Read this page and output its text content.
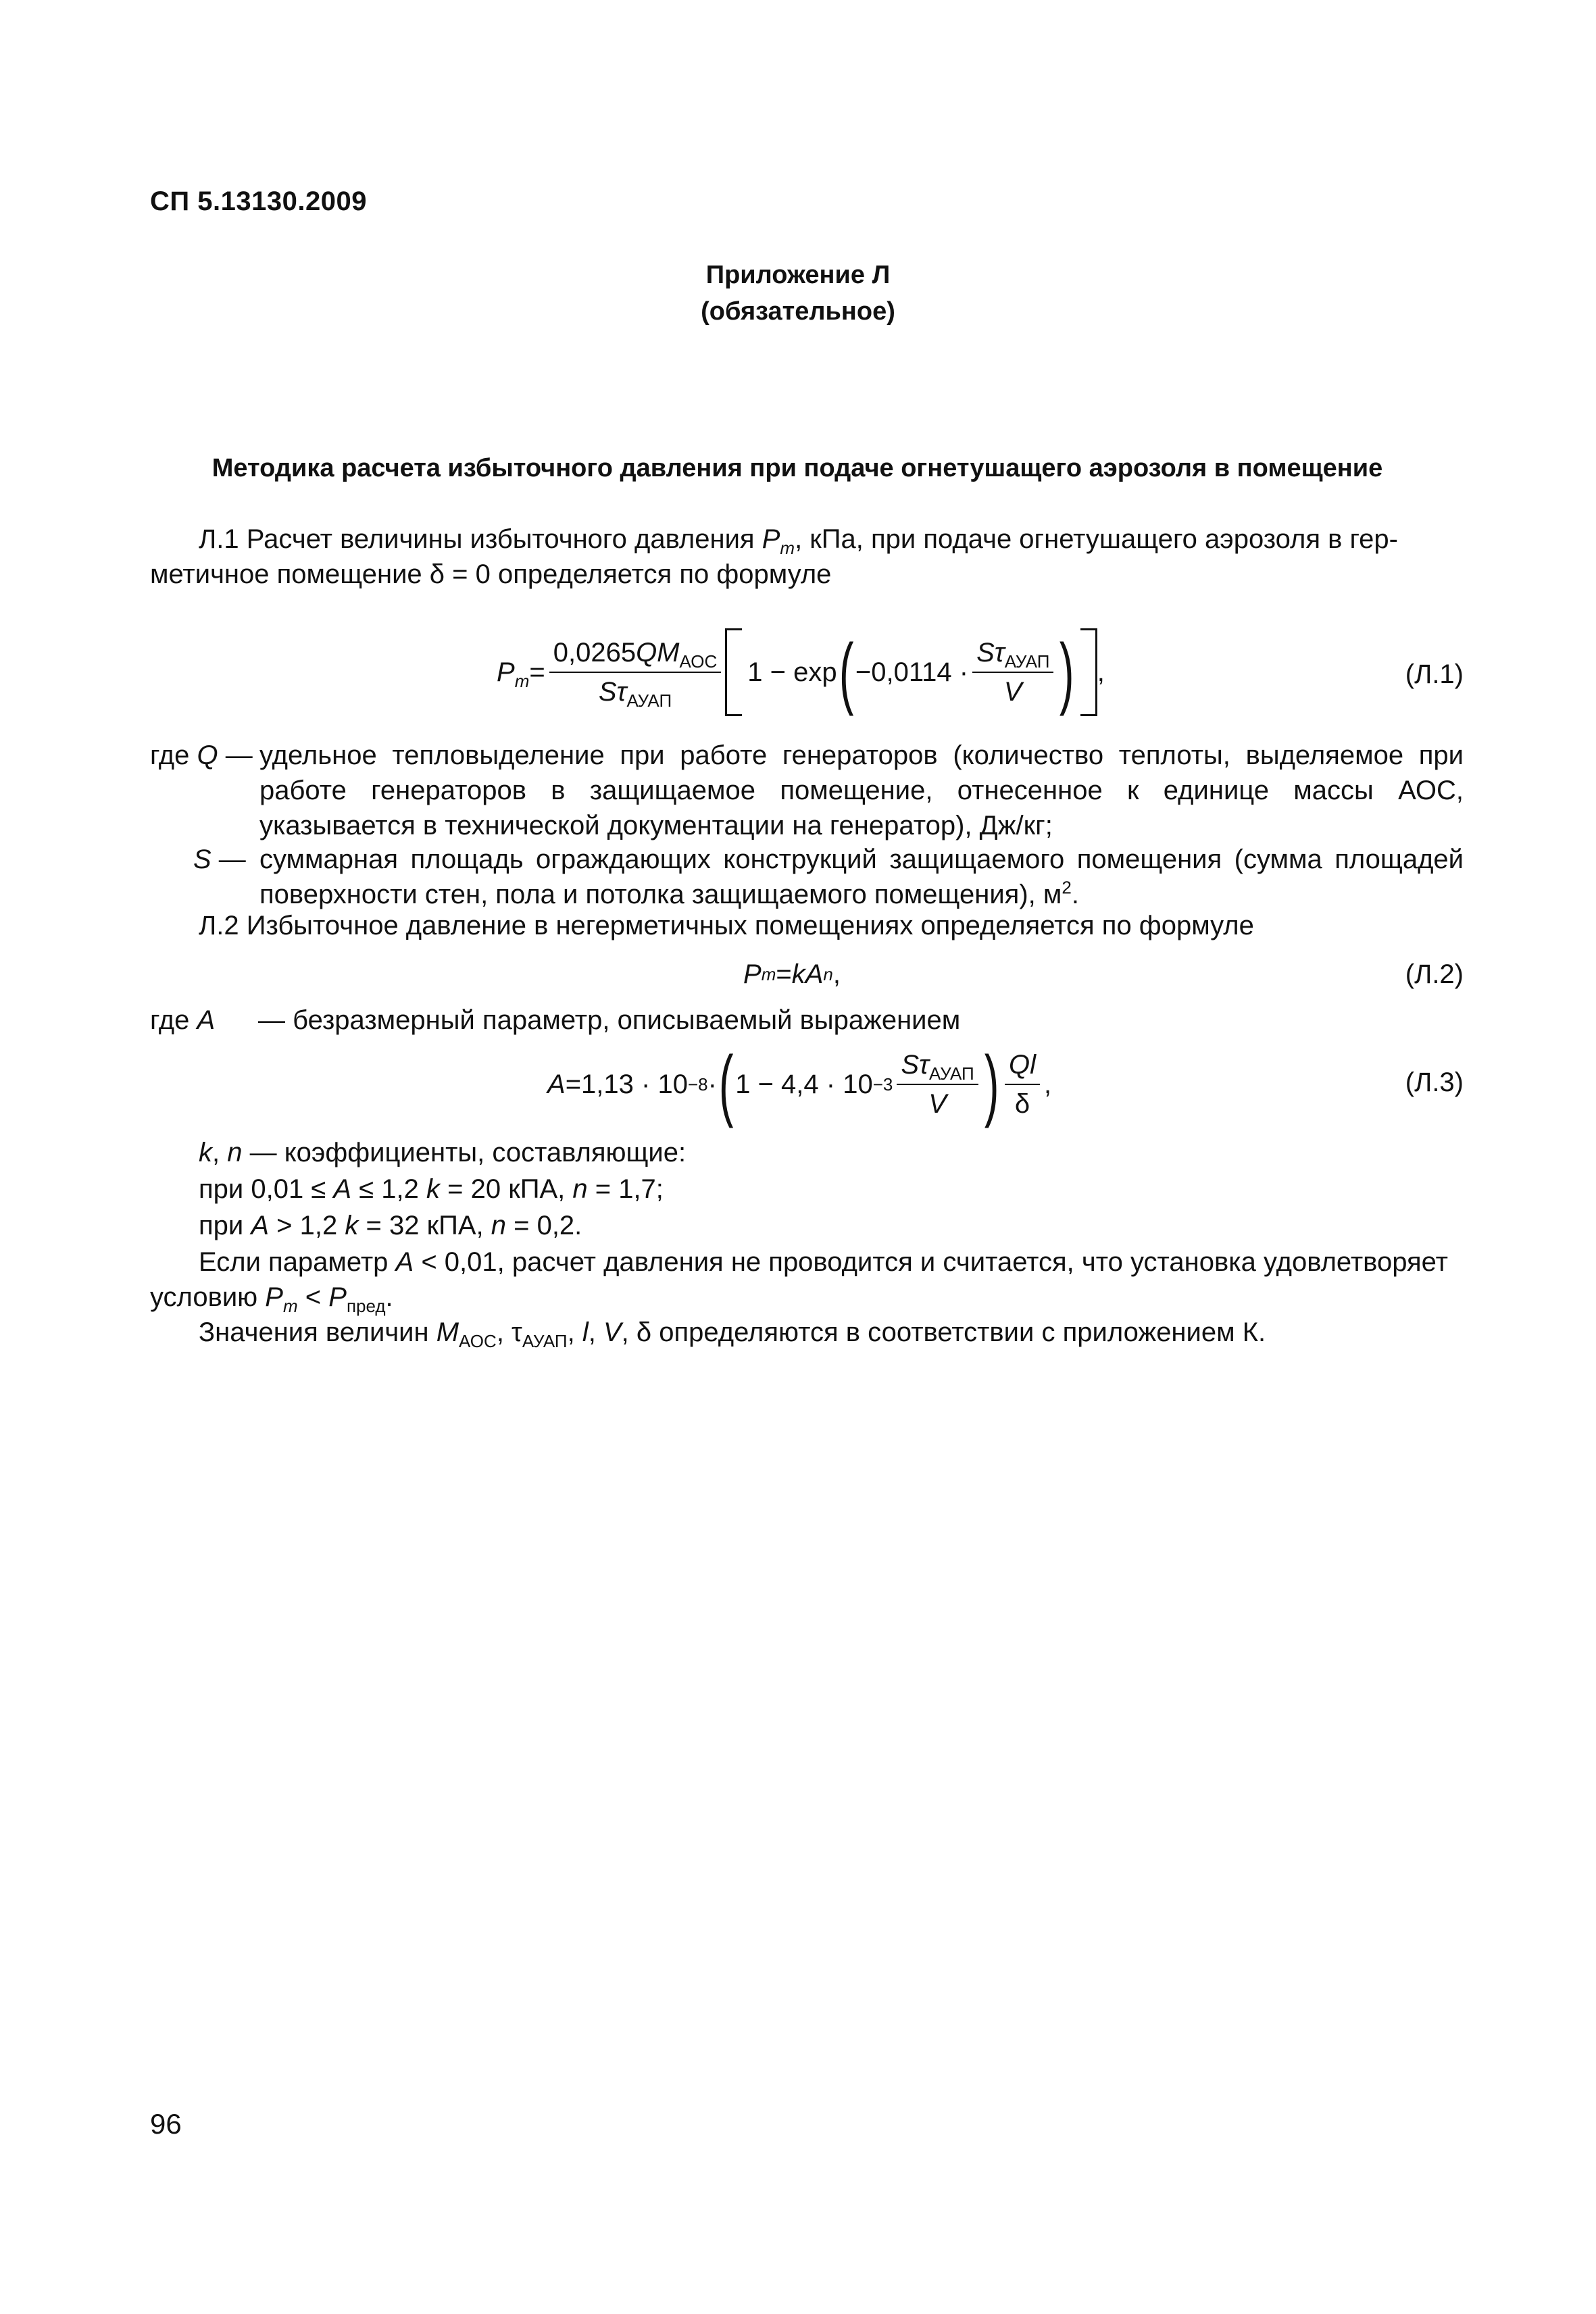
СП 5.13130.2009
Приложение Л
(обязательное)
Методика расчета избыточного давления при подаче огнетушащего аэрозоля в помещение
Л.1 Расчет величины избыточного давления $P_m$, кПа, при подаче огнетушащего аэрозоля в гер-
метичное помещение δ = 0 определяется по формуле
$P_m = \frac{0,0265QM_{АОС}}{S\tau_{АУАП}} 1 - \exp$ ( $-0,0114 \cdot \frac{S\tau_{АУАП}}{V}$ ) ,	(Л.1)
где Q — удельное тепловыделение при работе генераторов (количество теплоты, выделяемое при работе генераторов в защищаемое помещение, отнесенное к единице массы АОС, указывается в технической документации на генератор), Дж/кг;
S — суммарная площадь ограждающих конструкций защищаемого помещения (сумма площадей поверхности стен, пола и потолка защищаемого помещения), $м^2$.
Л.2 Избыточное давление в негерметичных помещениях определяется по формуле
P m = kA n ,	(Л.2)
где A — безразмерный параметр, описываемый выражением
A = 1,13 · 10 −8 · ( $1 - 4,4 \cdot 10 -3 \frac{S\tau_{АУАП}}{V}$ ) $\frac{Ql}{\delta}$ ,	(Л.3)
k, n — коэффициенты, составляющие:
при 0,01 ≤ A ≤ 1,2 k = 20 кПА, n = 1,7;
при A > 1,2 k = 32 кПА, n = 0,2.
Если параметр A < 0,01, расчет давления не проводится и считается, что установка удовлетворяет
условию $P_m < P_{пред}$.
Значения величин $M_{АОС}$, $\tau_{АУАП}$, l, V, δ определяются в соответствии с приложением К.
96
